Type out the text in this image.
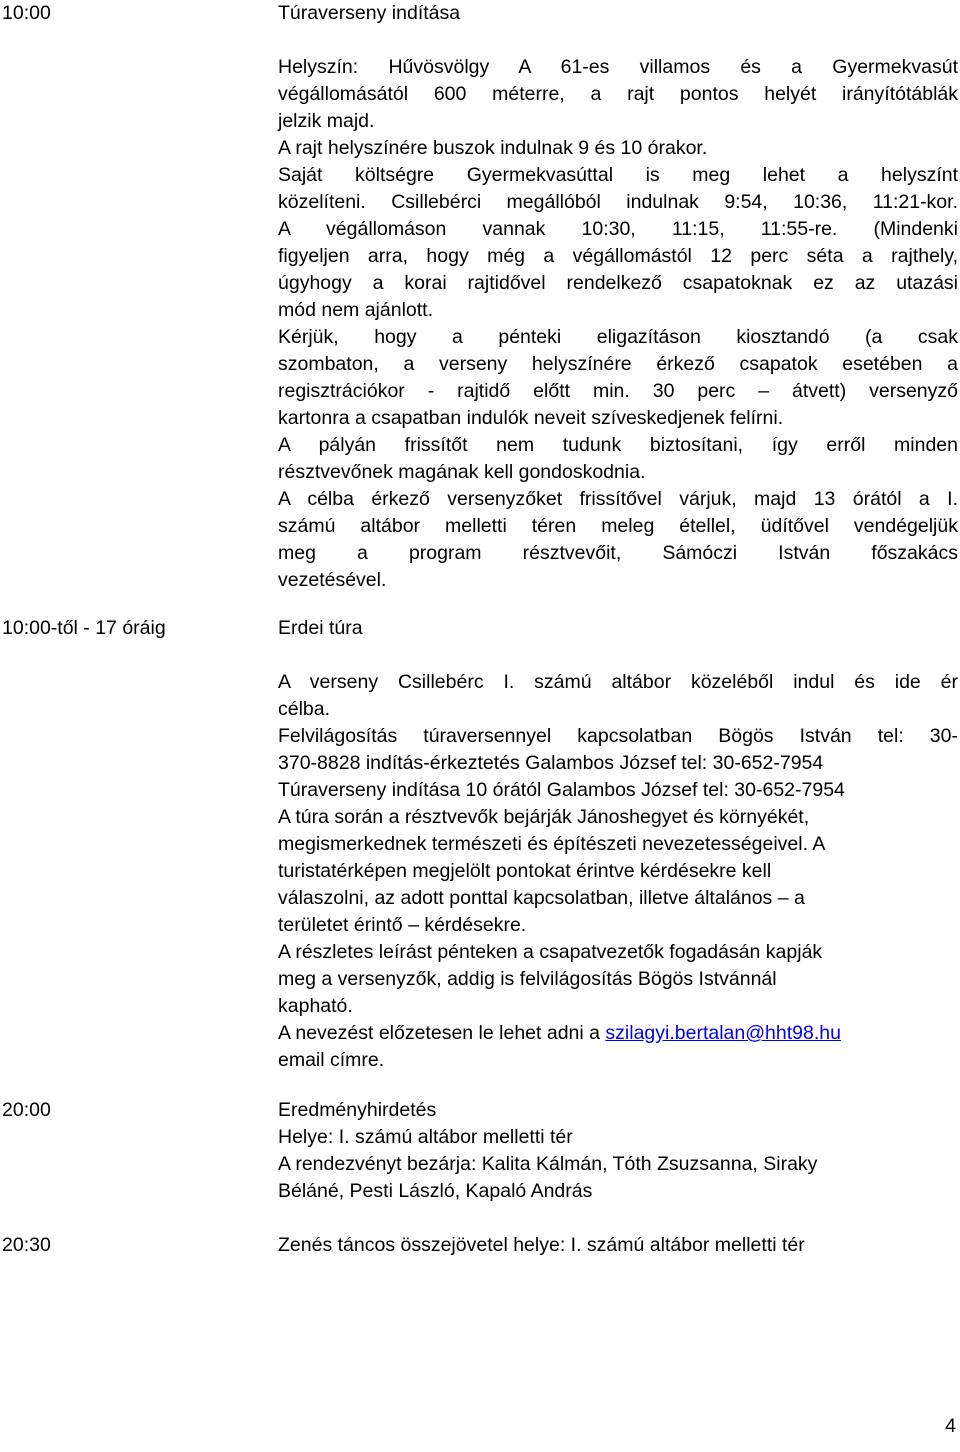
10:00	Túraverseny indítása
Helyszín: Hűvösvölgy A 61-es villamos és a Gyermekvasút
végállomásától 600 méterre, a rajt pontos helyét irányítótáblák
jelzik majd.
A rajt helyszínére buszok indulnak 9 és 10 órakor.
Saját költségre Gyermekvasúttal is meg lehet a helyszínt
közelíteni. Csillebérci megállóból indulnak 9:54, 10:36, 11:21-kor.
A végállomáson vannak 10:30, 11:15, 11:55-re. (Mindenki
figyeljen arra, hogy még a végállomástól 12 perc séta a rajthely,
úgyhogy a korai rajtidővel rendelkező csapatoknak ez az utazási
mód nem ajánlott.
Kérjük, hogy a pénteki eligazításon kiosztandó (a csak
szombaton, a verseny helyszínére érkező csapatok esetében a
regisztrációkor - rajtidő előtt min. 30 perc – átvett) versenyző
kartonra a csapatban indulók neveit szíveskedjenek felírni.
A pályán frissítőt nem tudunk biztosítani, így erről minden
résztvevőnek magának kell gondoskodnia.
A célba érkező versenyzőket frissítővel várjuk, majd 13 órától a I.
számú altábor melletti téren meleg étellel, üdítővel vendégeljük
meg a program résztvevőit, Sámóczi István főszakács
vezetésével.
10:00-től - 17 óráig	Erdei túra
A verseny Csillebérc I. számú altábor közeléből indul és ide ér
célba.
Felvilágosítás túraversennyel kapcsolatban Bögös István tel: 30-
370-8828 indítás-érkeztetés Galambos József tel: 30-652-7954
Túraverseny indítása 10 órától Galambos József tel: 30-652-7954
A túra során a résztvevők bejárják Jánoshegyet és környékét,
megismerkednek természeti és építészeti nevezetességeivel. A
turistatérképen megjelölt pontokat érintve kérdésekre kell
válaszolni, az adott ponttal kapcsolatban, illetve általános – a
területet érintő – kérdésekre.
A részletes leírást pénteken a csapatvezetők fogadásán kapják
meg a versenyzők, addig is felvilágosítás Bögös Istvánnál
kapható.
A nevezést előzetesen le lehet adni a szilagyi.bertalan@hht98.hu
email címre.
20:00	Eredményhirdetés
Helye: I. számú altábor melletti tér
A rendezvényt bezárja: Kalita Kálmán, Tóth Zsuzsanna, Siraky
Béláné, Pesti László, Kapaló András
20:30	Zenés táncos összejövetel helye: I. számú altábor melletti tér
4
